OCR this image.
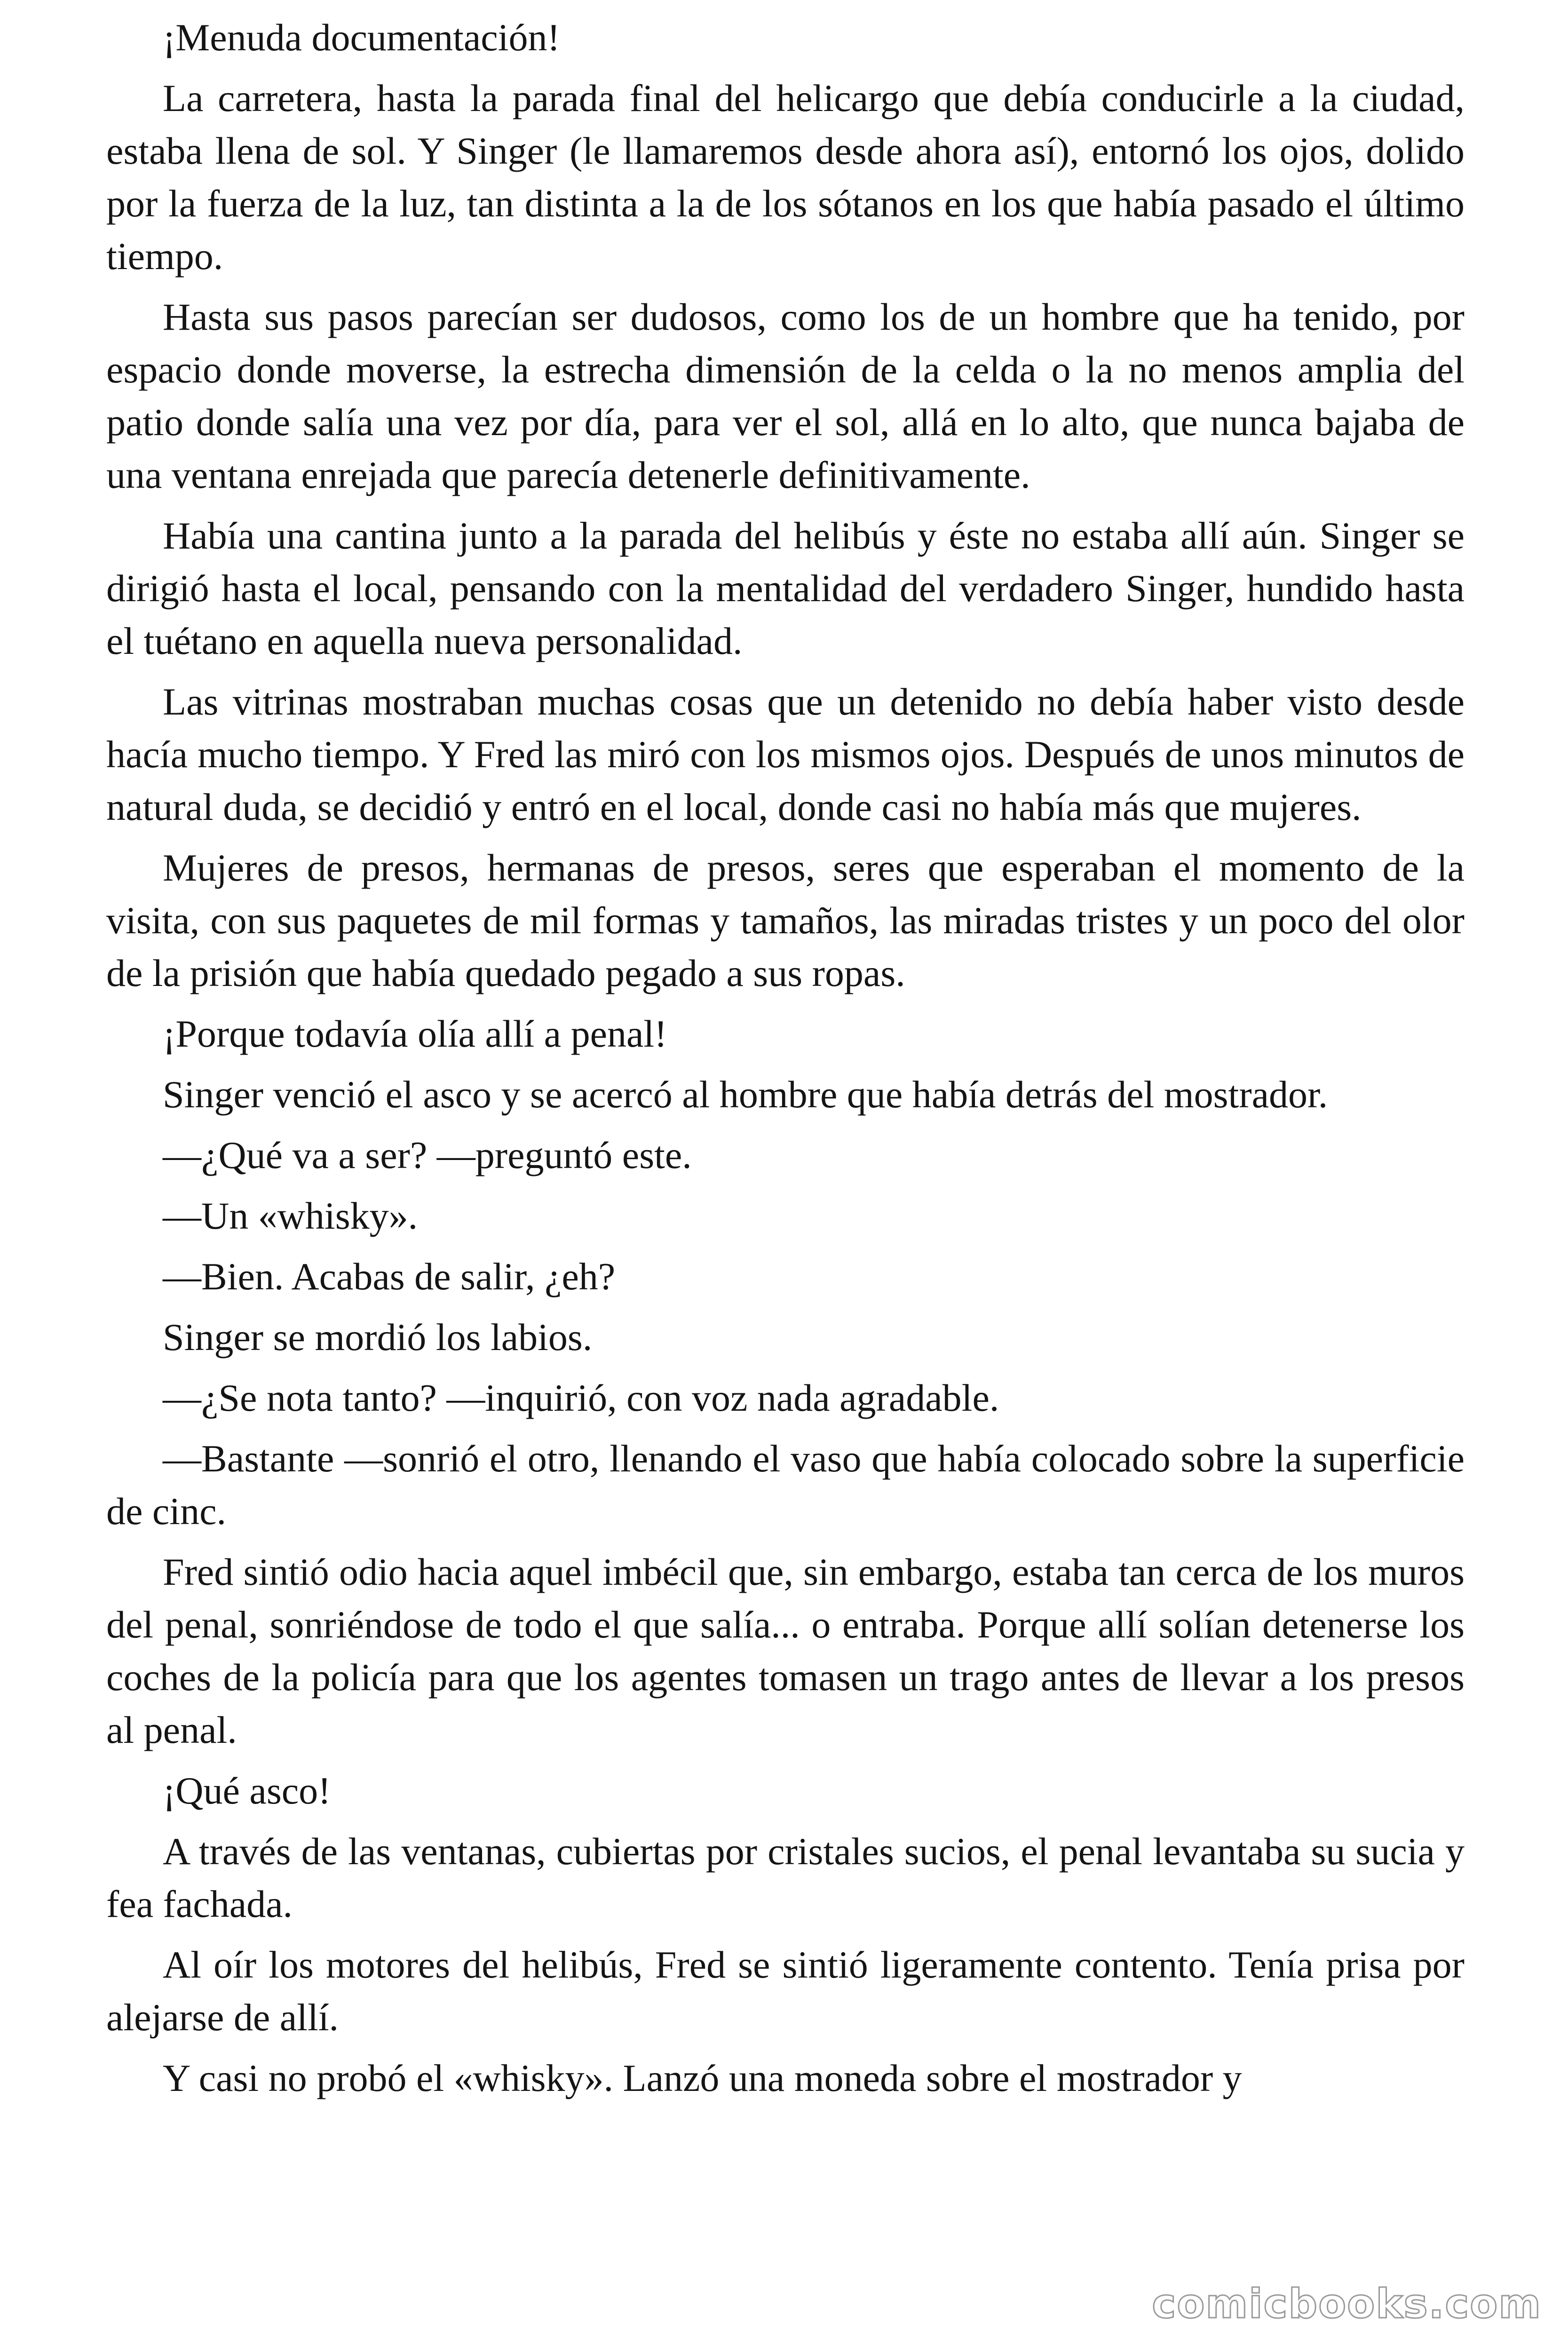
¡Menuda documentación!

La carretera, hasta la parada final del helicargo que debía conducirle a la ciudad, estaba llena de sol. Y Singer (le llamaremos desde ahora así), entornó los ojos, dolido por la fuerza de la luz, tan distinta a la de los sótanos en los que había pasado el último tiempo.

Hasta sus pasos parecían ser dudosos, como los de un hombre que ha tenido, por espacio donde moverse, la estrecha dimensión de la celda o la no menos amplia del patio donde salía una vez por día, para ver el sol, allá en lo alto, que nunca bajaba de una ventana enrejada que parecía detenerle definitivamente.

Había una cantina junto a la parada del helibús y éste no estaba allí aún. Singer se dirigió hasta el local, pensando con la mentalidad del verdadero Singer, hundido hasta el tuétano en aquella nueva personalidad.

Las vitrinas mostraban muchas cosas que un detenido no debía haber visto desde hacía mucho tiempo. Y Fred las miró con los mismos ojos. Después de unos minutos de natural duda, se decidió y entró en el local, donde casi no había más que mujeres.

Mujeres de presos, hermanas de presos, seres que esperaban el momento de la visita, con sus paquetes de mil formas y tamaños, las miradas tristes y un poco del olor de la prisión que había quedado pegado a sus ropas.

¡Porque todavía olía allí a penal!

Singer venció el asco y se acercó al hombre que había detrás del mostrador.

—¿Qué va a ser? —preguntó este.

—Un «whisky».

—Bien. Acabas de salir, ¿eh?

Singer se mordió los labios.

—¿Se nota tanto? —inquirió, con voz nada agradable.

—Bastante —sonrió el otro, llenando el vaso que había colocado sobre la superficie de cinc.

Fred sintió odio hacia aquel imbécil que, sin embargo, estaba tan cerca de los muros del penal, sonriéndose de todo el que salía... o entraba. Porque allí solían detenerse los coches de la policía para que los agentes tomasen un trago antes de llevar a los presos al penal.

¡Qué asco!

A través de las ventanas, cubiertas por cristales sucios, el penal levantaba su sucia y fea fachada.

Al oír los motores del helibús, Fred se sintió ligeramente contento. Tenía prisa por alejarse de allí.

Y casi no probó el «whisky». Lanzó una moneda sobre el mostrador y

comicbooks.com
